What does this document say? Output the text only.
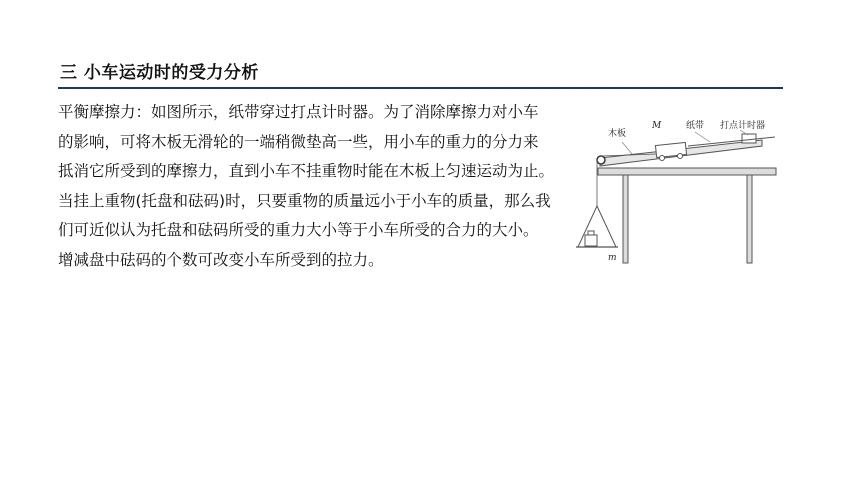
三 小车运动时的受力分析

平衡摩擦力：如图所示，纸带穿过打点计时器。为了消除摩擦力对小车

的影响，可将木板无滑轮的一端稍微垫高一些，用小车的重力的分力来

抵消它所受到的摩擦力，直到小车不挂重物时能在木板上匀速运动为止。

当挂上重物(托盘和砝码)时，只要重物的质量远小于小车的质量，那么我

们可近似认为托盘和砝码所受的重力大小等于小车所受的合力的大小。

增减盘中砝码的个数可改变小车所受到的拉力。

木板
M	纸带 打点计时器
m
